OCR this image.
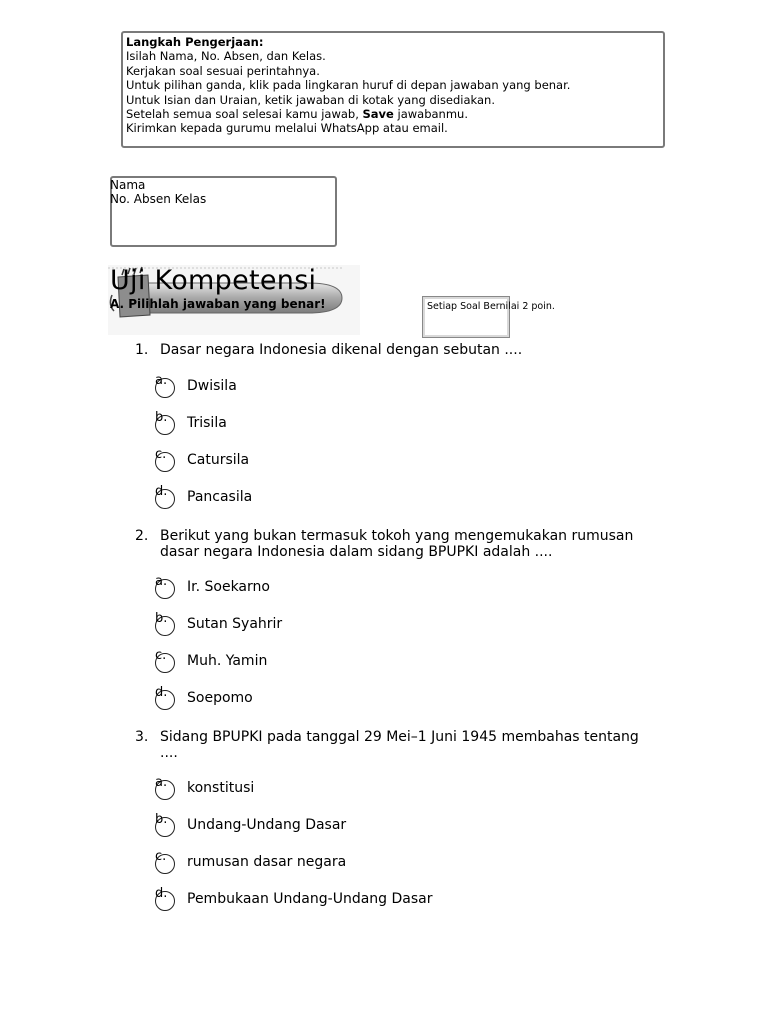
Langkah Pengerjaan:
Isilah Nama, No. Absen, dan Kelas.
Kerjakan soal sesuai perintahnya.
Untuk pilihan ganda, klik pada lingkaran huruf di depan jawaban yang benar.
Untuk Isian dan Uraian, ketik jawaban di kotak yang disediakan.
Setelah semua soal selesai kamu jawab, Save jawabanmu.
Kirimkan kepada gurumu melalui WhatsApp atau email.
Nama
No. Absen Kelas
Uji Kompetensi
A. Pilihlah jawaban yang benar!	Setiap Soal Bernilai 2 poin.
1. Dasar negara Indonesia dikenal dengan sebutan ....
a. Dwisila
b. Trisila
c. Catursila
d. Pancasila
2. Berikut yang bukan termasuk tokoh yang mengemukakan rumusan dasar negara Indonesia dalam sidang BPUPKI adalah ....
a. Ir. Soekarno
b. Sutan Syahrir
c. Muh. Yamin
d. Soepomo
3. Sidang BPUPKI pada tanggal 29 Mei–1 Juni 1945 membahas tentang ....
a. konstitusi
b. Undang-Undang Dasar
c. rumusan dasar negara
d. Pembukaan Undang-Undang Dasar
